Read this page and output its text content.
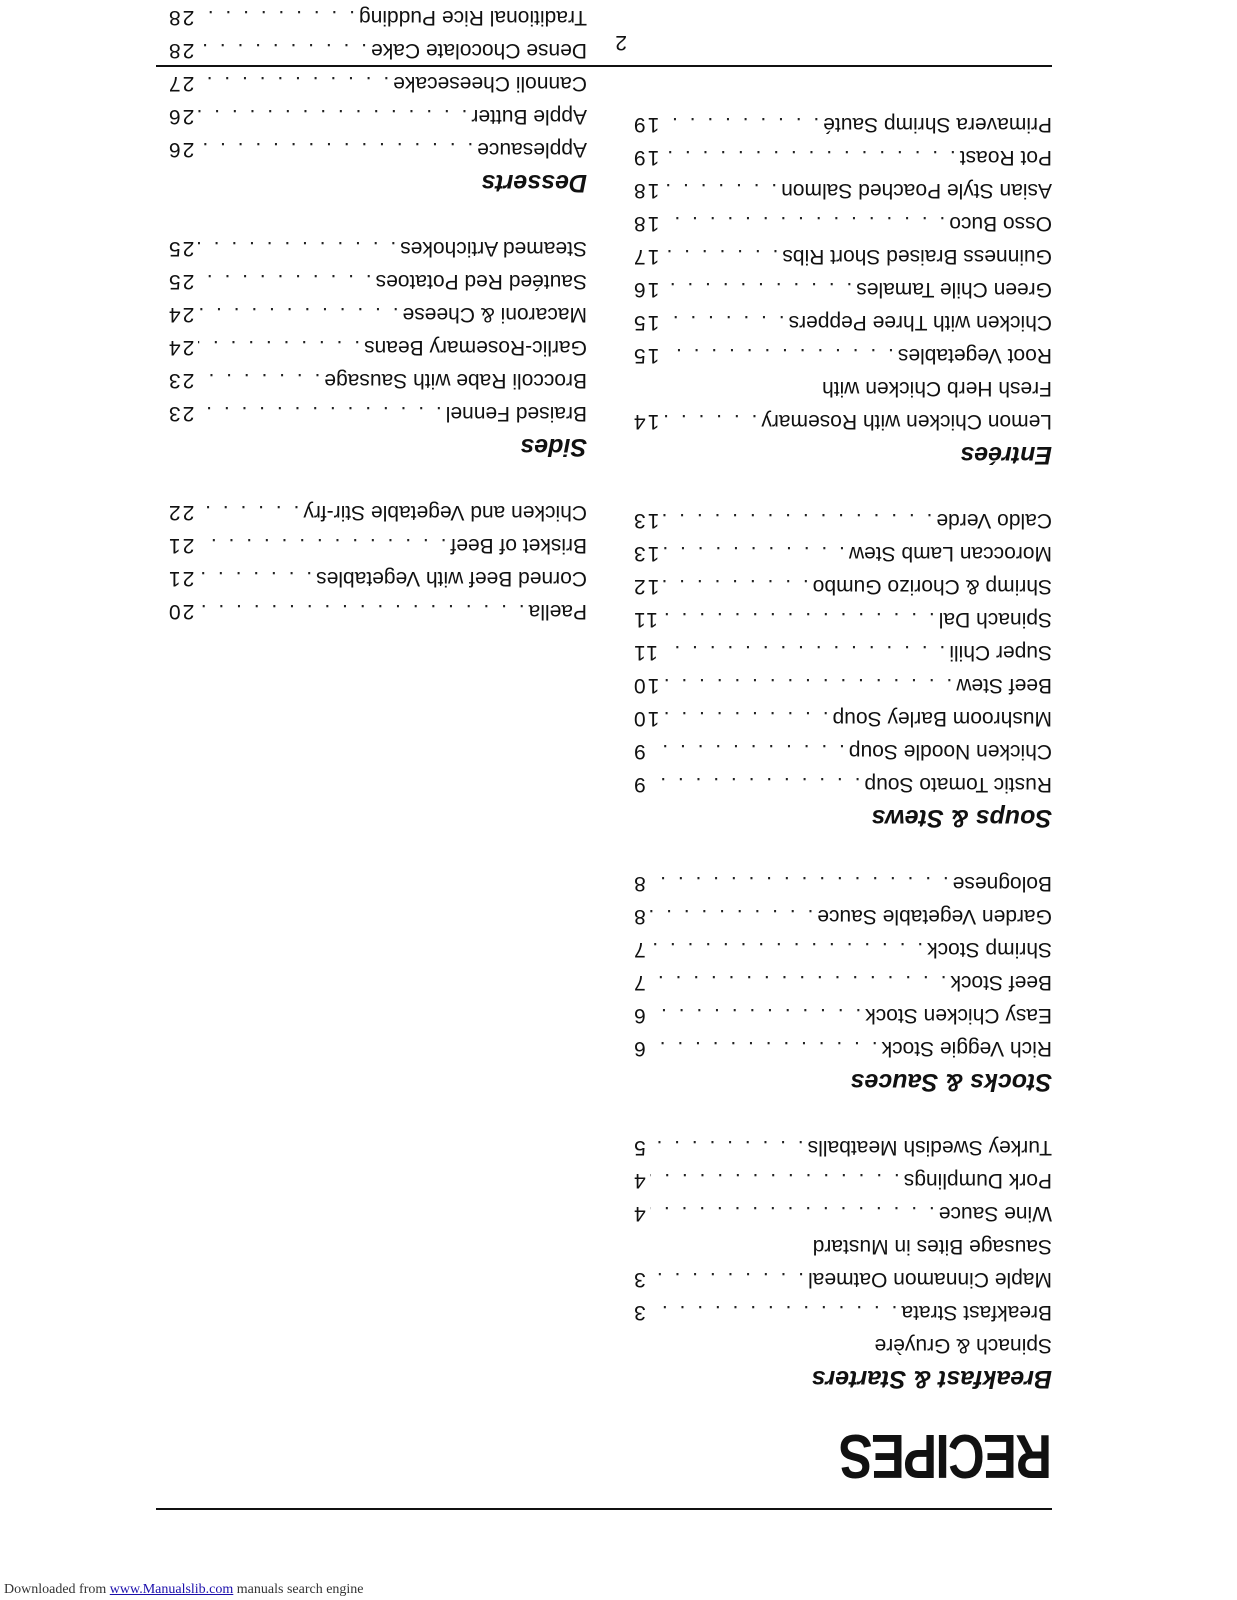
RECIPES
Breakfast & Starters
Spinach & Gruyère
Breakfast Strata
. . .
3
Maple Cinnamon Oatmeal
. . .
3
Sausage Bites in Mustard
Wine Sauce
. . .
4
Pork Dumplings
. . .
4
Turkey Swedish Meatballs
. . .
5
Stocks & Sauces
Rich Veggie Stock
. . .
6
Easy Chicken Stock
. . .
6
Beef Stock
. . .
7
Shrimp Stock
. . .
7
Garden Vegetable Sauce
. . .
8
Bolognese
. . .
8
Soups & Stews
Rustic Tomato Soup
. . .
9
Chicken Noodle Soup
. . .
9
Mushroom Barley Soup
. . .
10
Beef Stew
. . .
10
Super Chili
. . .
11
Spinach Dal
. . .
11
Shrimp & Chorizo Gumbo
. . .
12
Moroccan Lamb Stew
. . .
13
Caldo Verde
. . .
13
Entrées
Lemon Chicken with Rosemary
. . .
14
Fresh Herb Chicken with
Root Vegetables
. . .
15
Chicken with Three Peppers
. . .
15
Green Chile Tamales
. . .
16
Guinness Braised Short Ribs
. . .
17
Osso Buco
. . .
18
Asian Style Poached Salmon
. . .
18
Pot Roast
. . .
19
Primavera Shrimp Sauté
. . .
19
Paella
. . .
20
Corned Beef with Vegetables
. . .
21
Brisket of Beef
. . .
21
Chicken and Vegetable Stir-fry
. . .
22
Sides
Braised Fennel
. . .
23
Broccoli Rabe with Sausage
. . .
23
Garlic-Rosemary Beans
. . .
24
Macaroni & Cheese
. . .
24
Sautéed Red Potatoes
. . .
25
Steamed Artichokes
. . .
25
Desserts
Applesauce
. . .
26
Apple Butter
. . .
26
Cannoli Cheesecake
. . .
27
Dense Chocolate Cake
. . .
28
Traditional Rice Pudding
. . .
28
. . .
2
Downloaded from www.Manualslib.com manuals search engine
